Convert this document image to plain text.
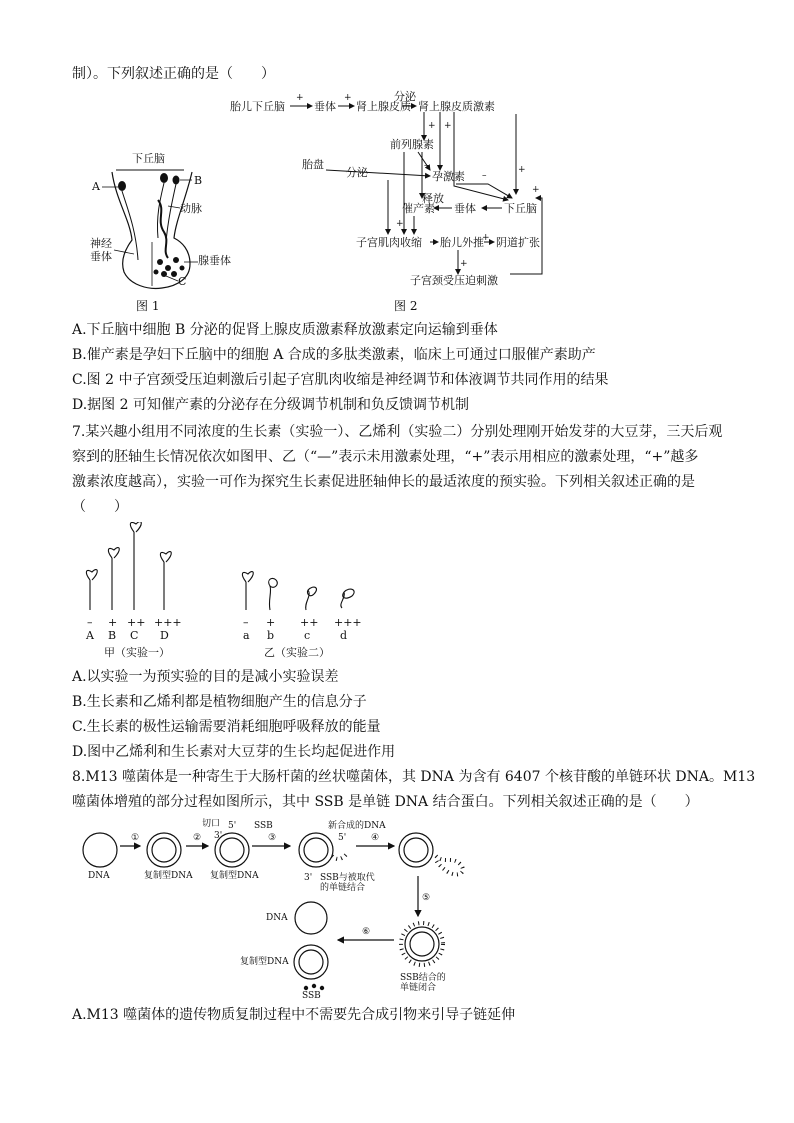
制）。下列叙述正确的是（　　）
下丘脑
A	B
动脉
神经
垂体	腺垂体
C
图 1
胎儿下丘脑	垂体 肾上腺皮质
分泌
肾上腺皮质激素
前列腺素
胎盘
分泌	孕激素
释放
催产素 垂体	下丘脑
子宫肌肉收缩 胎儿外推 阴道扩张
子宫颈受压迫刺激
+	+
+ +
+
–
–
+
+
+
+
图 2
A.下丘脑中细胞 B 分泌的促肾上腺皮质激素释放激素定向运输到垂体
B.催产素是孕妇下丘脑中的细胞 A 合成的多肽类激素，临床上可通过口服催产素助产
C.图 2 中子宫颈受压迫刺激后引起子宫肌肉收缩是神经调节和体液调节共同作用的结果
D.据图 2 可知催产素的分泌存在分级调节机制和负反馈调节机制
7.某兴趣小组用不同浓度的生长素（实验一）、乙烯利（实验二）分别处理刚开始发芽的大豆芽，三天后观
察到的胚轴生长情况依次如图甲、乙（“—”表示未用激素处理，“+”表示用相应的激素处理，“+”越多
激素浓度越高），实验一可作为探究生长素促进胚轴伸长的最适浓度的预实验。下列相关叙述正确的是
（　　）
– + ++ +++
A B C D
甲（实验一）
– + ++ +++
a b	c	d
乙（实验二）
A.以实验一为预实验的目的是减小实验误差
B.生长素和乙烯利都是植物细胞产生的信息分子
C.生长素的极性运输需要消耗细胞呼吸释放的能量
D.图中乙烯利和生长素对大豆芽的生长均起促进作用
8.M13 噬菌体是一种寄生于大肠杆菌的丝状噬菌体，其 DNA 为含有 6407 个核苷酸的单链环状 DNA。M13
噬菌体增殖的部分过程如图所示，其中 SSB 是单链 DNA 结合蛋白。下列相关叙述正确的是（　　）
①	②	③	④
⑤
⑥
DNA	复制型DNA 复制型DNA
切口 5'
3'
SSB	新合成的DNA
5'
3' SSB与被取代
的单链结合
DNA
复制型DNA
SSB
SSB结合的
单链闭合
A.M13 噬菌体的遗传物质复制过程中不需要先合成引物来引导子链延伸
